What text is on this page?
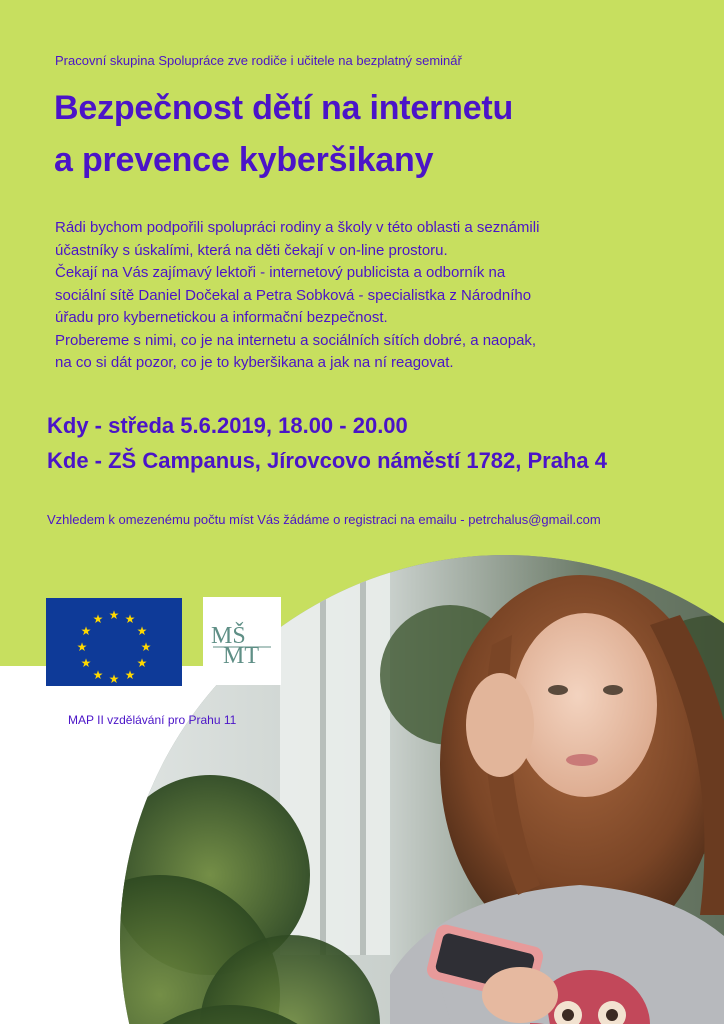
Pracovní skupina Spolupráce zve rodiče i učitele na bezplatný seminář

Bezpečnost dětí na internetu
a prevence kyberšikany
Rádi bychom podpořili spolupráci rodiny a školy v této oblasti a seznámili
účastníky s úskalími, která na děti čekají v on-line prostoru.
Čekají na Vás zajímavý lektoři - internetový publicista a odborník na
sociální sítě Daniel Dočekal a Petra Sobková - specialistka z Národního
úřadu pro kybernetickou a informační bezpečnost.
Probereme s nimi, co je na internetu a sociálních sítích dobré, a naopak,
na co si dát pozor, co je to kyberšikana a jak na ní reagovat.
Kdy - středa 5.6.2019, 18.00 - 20.00
Kde - ZŠ Campanus, Jírovcovo náměstí 1782, Praha 4

Vzhledem k omezenému počtu míst Vás žádáme o registraci na emailu - petrchalus@gmail.com

★ ★
★
★
★
★
★
★
★
★
★
★
MŠ
MT

MAP II vzdělávání pro Prahu 11
